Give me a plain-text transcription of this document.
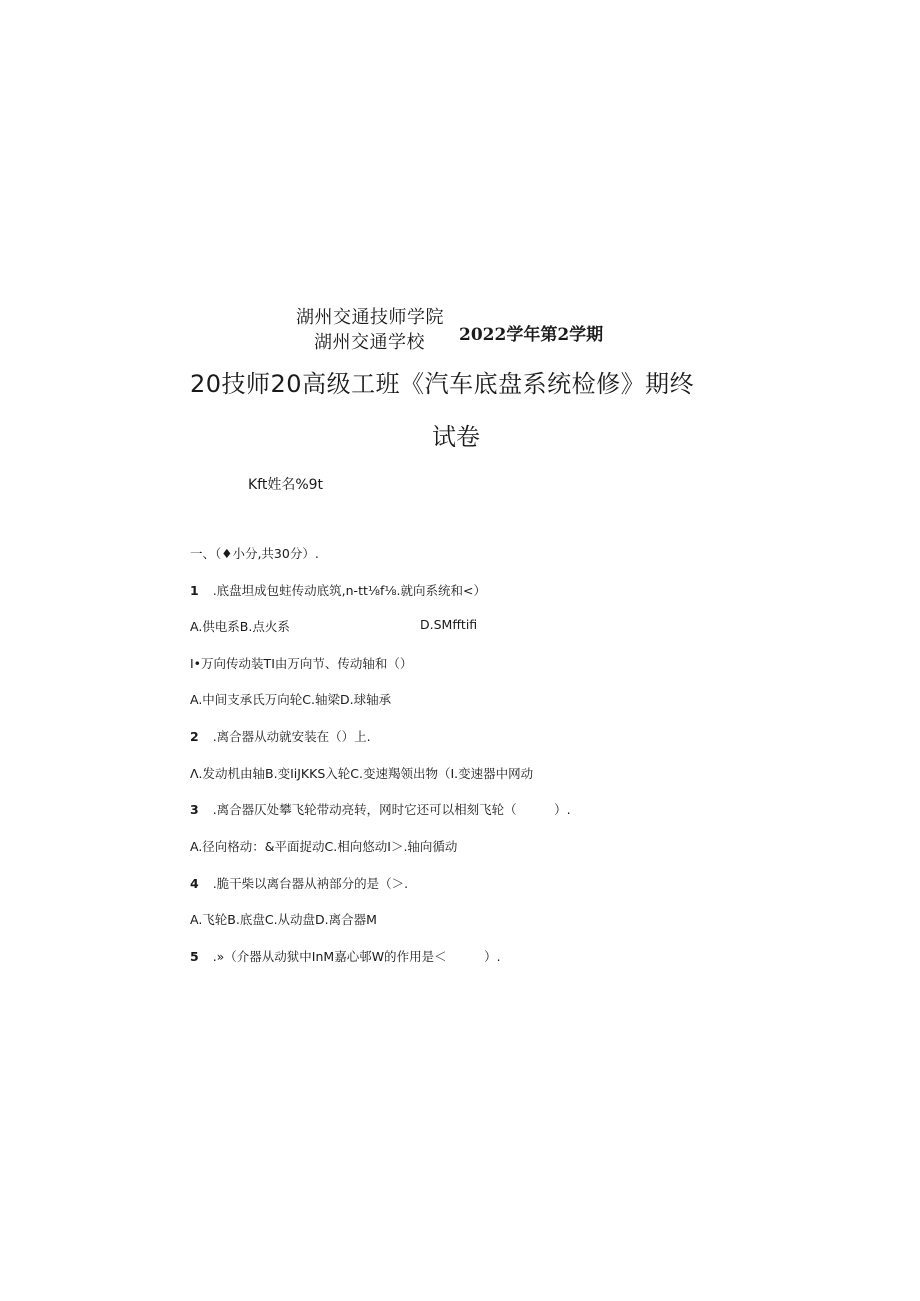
湖州交通技师学院
湖州交通学校 2022学年第2学期
20技师20高级工班《汽车底盘系统检修》期终
试卷
Kft姓名%9t
一、（♦小分,共30分）.
1 .底盘坦成包蛀传动底筑,n-tt⅛f⅛.就向系统和<）
A.供电系B.点火系	D.SMfftifi
I•万向传动装TI由万向节、传动轴和（）
A.中间支承氏万向轮C.轴梁D.球轴承
2 .离合器从动就安装在（）上.
Λ.发动机由轴B.变IiJKKS入轮C.变速羯领出物（I.变速器中网动
3 .离合器仄处攀飞轮带动亮转，网时它还可以相刻飞轮（　　　）.
A.径向格动：&平面捉动C.相向悠动I＞.轴向循动
4 .脆干柴以离台器从衲部分的是（＞.
A.飞轮B.底盘C.从动盘D.离合器M
5 .»（介器从动狱中InM嘉心邨W的作用是＜　　　）.
